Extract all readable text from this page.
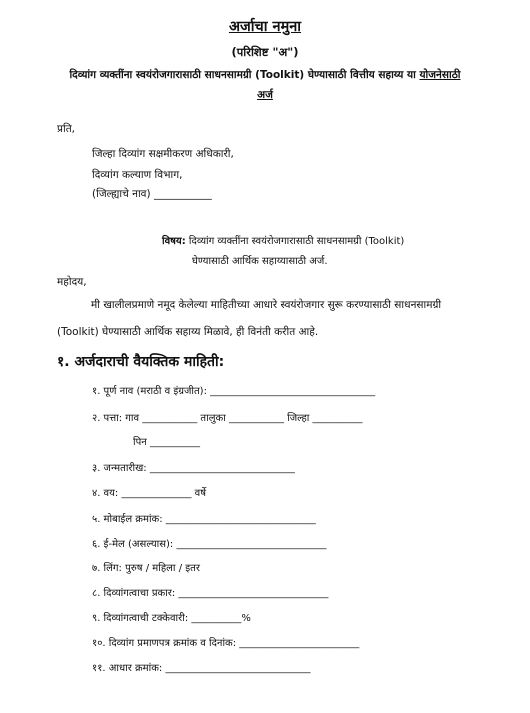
अर्जाचा नमुना
(परिशिष्ट "अ")
दिव्यांग व्यक्तींना स्वयंरोजगारासाठी साधनसामग्री (Toolkit) घेण्यासाठी वित्तीय सहाय्य या योजनेसाठी
अर्ज
प्रति,
जिल्हा दिव्यांग सक्षमीकरण अधिकारी,
दिव्यांग कल्याण विभाग,
(जिल्ह्याचे नाव) ___________
विषय: दिव्यांग व्यक्तींना स्वयंरोजगारासाठी साधनसामग्री (Toolkit)
घेण्यासाठी आर्थिक सहाय्यासाठी अर्ज.
महोदय,
मी खालीलप्रमाणे नमूद केलेल्या माहितीच्या आधारे स्वयंरोजगार सुरू करण्यासाठी साधनसामग्री
(Toolkit) घेण्यासाठी आर्थिक सहाय्य मिळावे, ही विनंती करीत आहे.
१. अर्जदाराची वैयक्तिक माहिती:
१. पूर्ण नाव (मराठी व इंग्रजीत): _________________________________
२. पत्ता: गाव ___________ तालुका ___________ जिल्हा __________
पिन __________
३. जन्मतारीख: _____________________________
४. वय: ______________ वर्षे
५. मोबाईल क्रमांक: ______________________________
६. ई-मेल (असल्यास): ______________________________
७. लिंग: पुरुष / महिला / इतर
८. दिव्यांगत्वाचा प्रकार: ______________________________
९. दिव्यांगत्वाची टक्केवारी: __________%
१०. दिव्यांग प्रमाणपत्र क्रमांक व दिनांक: ________________________
११. आधार क्रमांक: _____________________________
